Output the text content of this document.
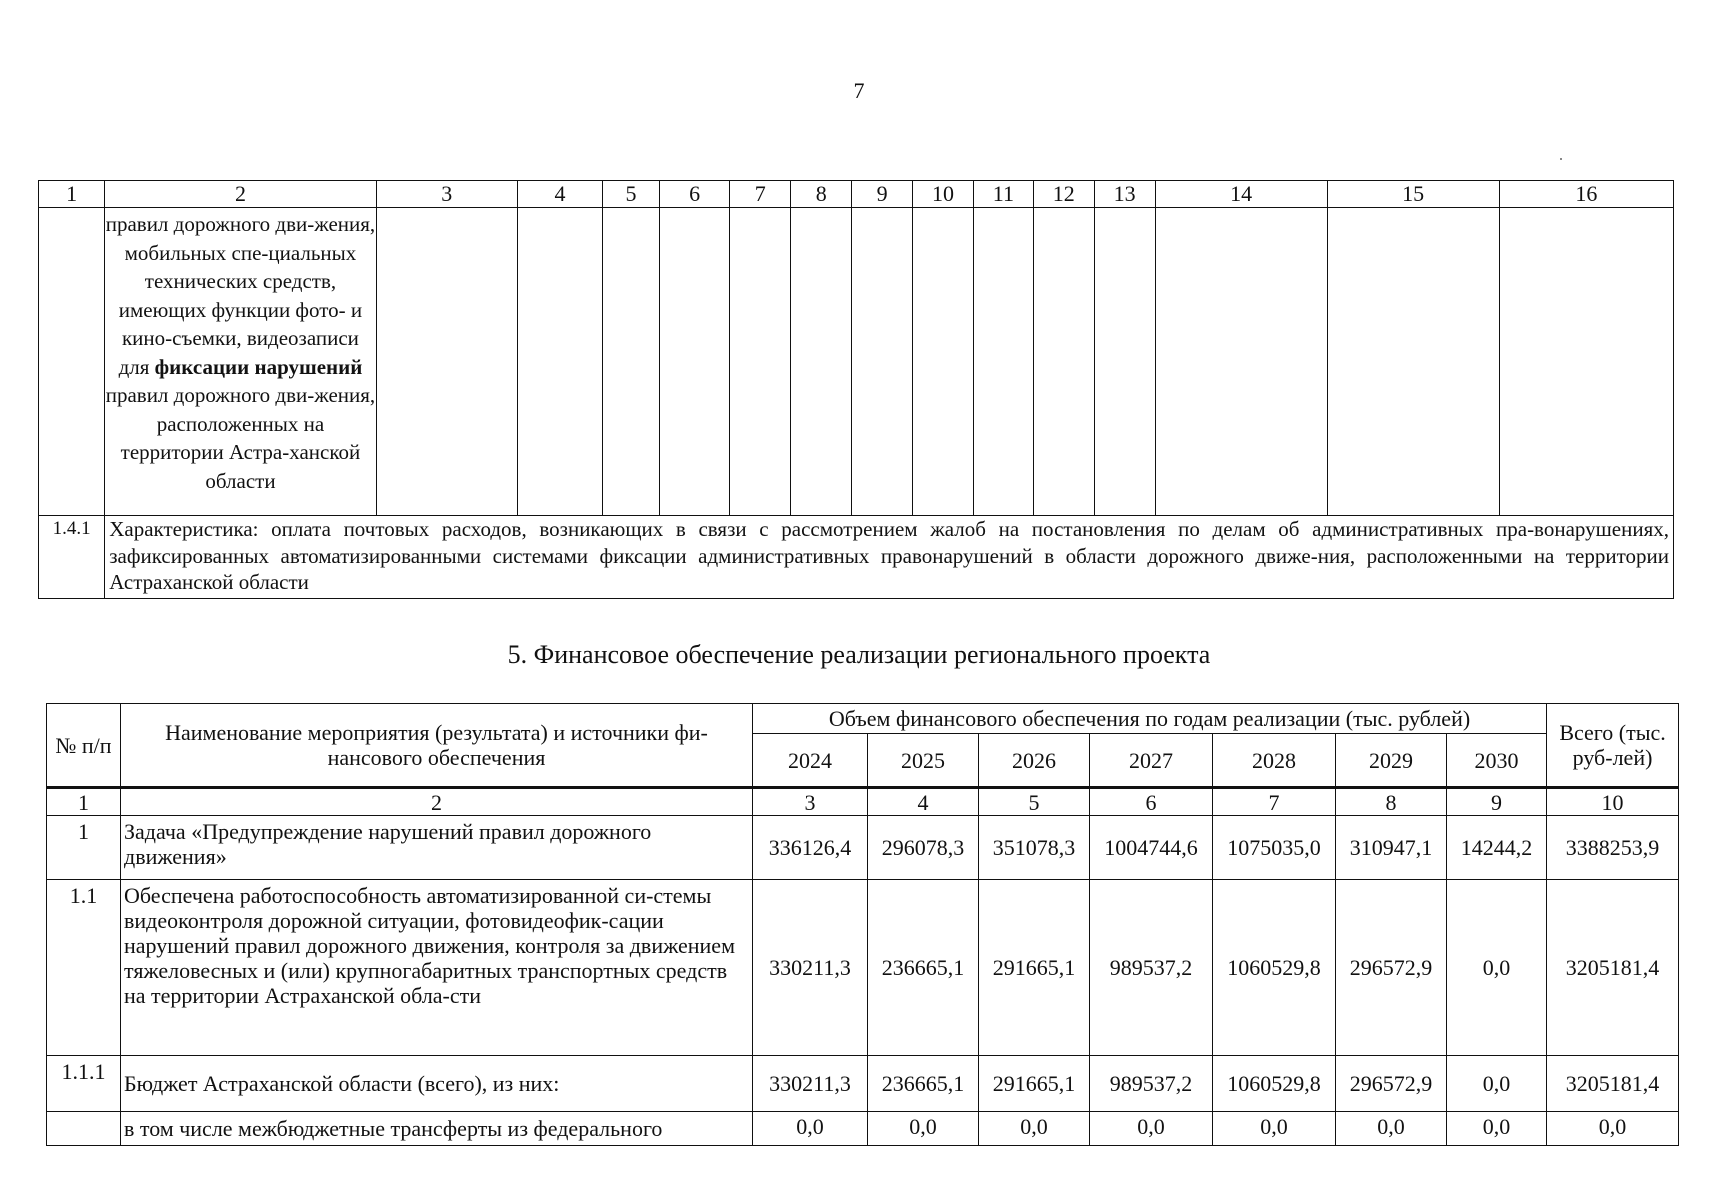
7
1	2	3	4	5	6	7	8	9	10	11	12	13	14	15	16
	правил дорожного дви-жения, мобильных спе-циальных технических средств, имеющих функции фото- и кино-съемки, видеозаписи для фиксации нарушений правил дорожного дви-жения, расположенных на территории Астра-ханской области														
1.4.1	Характеристика: оплата почтовых расходов, возникающих в связи с рассмотрением жалоб на постановления по делам об административных пра-вонарушениях, зафиксированных автоматизированными системами фиксации административных правонарушений в области дорожного движе-ния, расположенными на территории Астраханской области														
5. Финансовое обеспечение реализации регионального проекта
№ п/п	Наименование мероприятия (результата) и источники фи-нансового обеспечения	Объем финансового обеспечения по годам реализации (тыс. рублей)							Всего (тыс. руб-лей)
		2024	2025	2026	2027	2028	2029	2030	
1	2	3	4	5	6	7	8	9	10
1	Задача «Предупреждение нарушений правил дорожного движения»	336126,4	296078,3	351078,3	1004744,6	1075035,0	310947,1	14244,2	3388253,9
1.1	Обеспечена работоспособность автоматизированной си-стемы видеоконтроля дорожной ситуации, фотовидеофик-сации нарушений правил дорожного движения, контроля за движением тяжеловесных и (или) крупногабаритных транспортных средств на территории Астраханской обла-сти	330211,3	236665,1	291665,1	989537,2	1060529,8	296572,9	0,0	3205181,4
1.1.1	Бюджет Астраханской области (всего), из них:	330211,3	236665,1	291665,1	989537,2	1060529,8	296572,9	0,0	3205181,4
	в том числе межбюджетные трансферты из федерального	0,0	0,0	0,0	0,0	0,0	0,0	0,0	0,0
